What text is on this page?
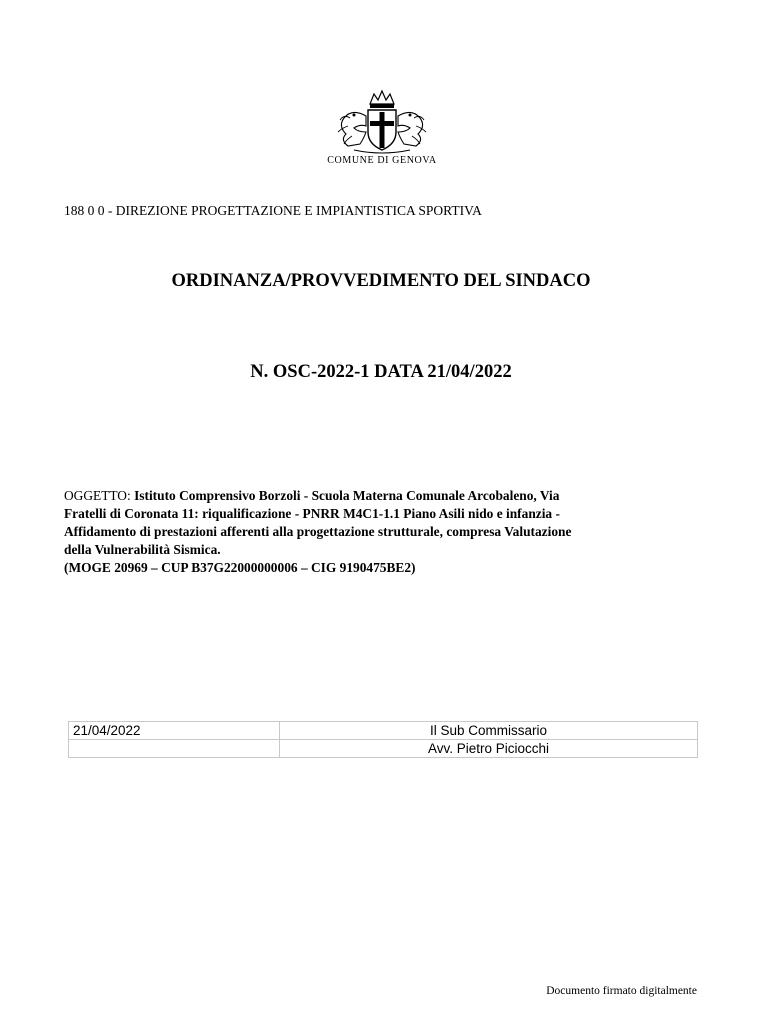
COMUNE DI GENOVA
188 0 0 - DIREZIONE PROGETTAZIONE E IMPIANTISTICA SPORTIVA
ORDINANZA/PROVVEDIMENTO DEL SINDACO
N. OSC-2022-1 DATA 21/04/2022
OGGETTO: Istituto Comprensivo Borzoli - Scuola Materna Comunale Arcobaleno, Via
Fratelli di Coronata 11: riqualificazione - PNRR M4C1-1.1 Piano Asili nido e infanzia -
Affidamento di prestazioni afferenti alla progettazione strutturale, compresa Valutazione
della Vulnerabilità Sismica.
(MOGE 20969 – CUP B37G22000000006 – CIG 9190475BE2)
21/04/2022	Il Sub Commissario
	Avv. Pietro Piciocchi
Documento firmato digitalmente
